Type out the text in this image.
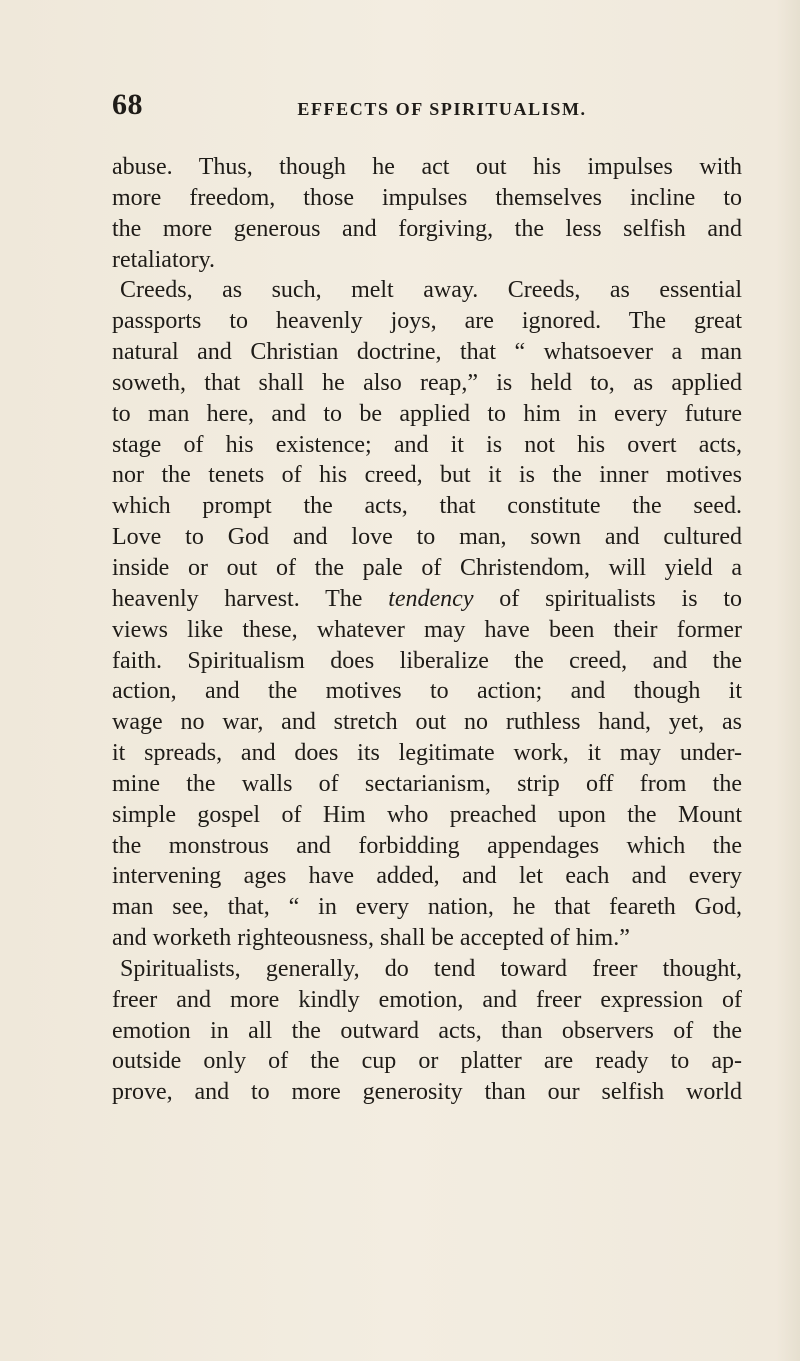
68	EFFECTS OF SPIRITUALISM.
abuse. Thus, though he act out his impulses with
more freedom, those impulses themselves incline to
the more generous and forgiving, the less selfish and
retaliatory.
Creeds, as such, melt away. Creeds, as essential
passports to heavenly joys, are ignored. The great
natural and Christian doctrine, that “ whatsoever a man
soweth, that shall he also reap,” is held to, as applied
to man here, and to be applied to him in every future
stage of his existence; and it is not his overt acts,
nor the tenets of his creed, but it is the inner motives
which prompt the acts, that constitute the seed.
Love to God and love to man, sown and cultured
inside or out of the pale of Christendom, will yield a
heavenly harvest. The tendency of spiritualists is to
views like these, whatever may have been their former
faith. Spiritualism does liberalize the creed, and the
action, and the motives to action; and though it
wage no war, and stretch out no ruthless hand, yet, as
it spreads, and does its legitimate work, it may under-
mine the walls of sectarianism, strip off from the
simple gospel of Him who preached upon the Mount
the monstrous and forbidding appendages which the
intervening ages have added, and let each and every
man see, that, “ in every nation, he that feareth God,
and worketh righteousness, shall be accepted of him.”
Spiritualists, generally, do tend toward freer thought,
freer and more kindly emotion, and freer expression of
emotion in all the outward acts, than observers of the
outside only of the cup or platter are ready to ap-
prove, and to more generosity than our selfish world
